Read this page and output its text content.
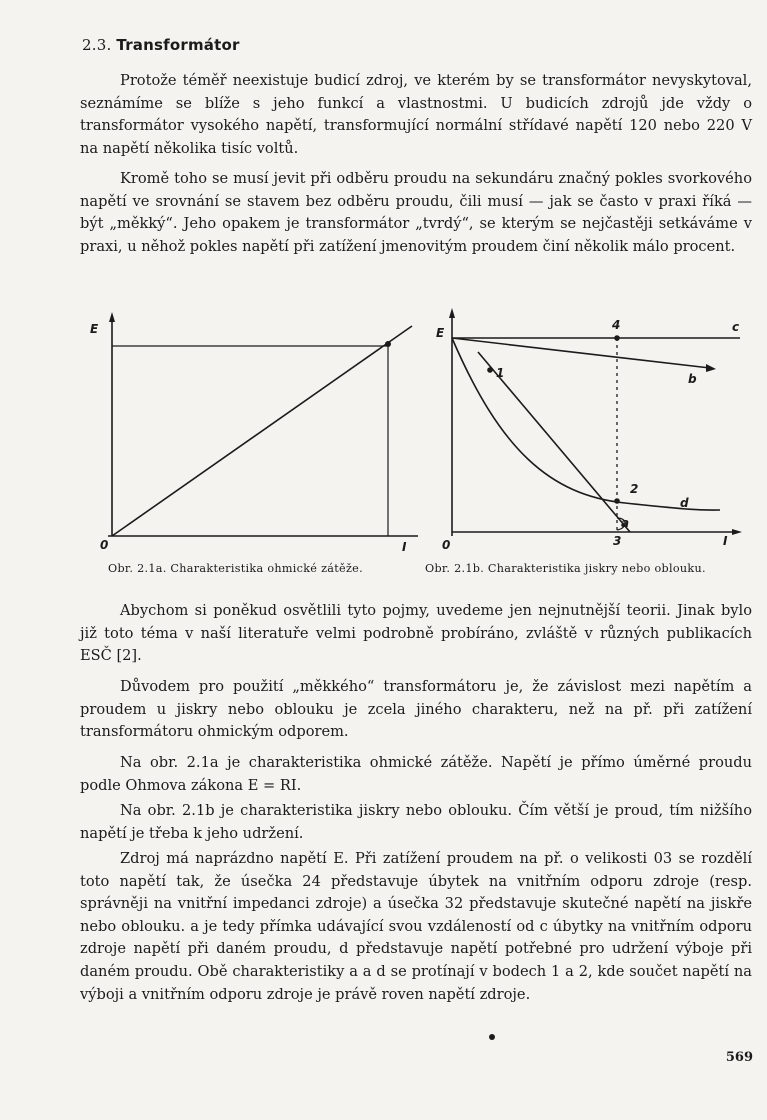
2.3. Transformátor

Protože téměř neexistuje budicí zdroj, ve kterém by se transformátor nevyskytoval, seznámíme se blíže s jeho funkcí a vlastnostmi. U budicích zdrojů jde vždy o transformátor vysokého napětí, transformující normální střídavé napětí 120 nebo 220 V na napětí několika tisíc voltů.

Kromě toho se musí jevit při odběru proudu na sekundáru značný pokles svorkového napětí ve srovnání se stavem bez odběru proudu, čili musí — jak se často v praxi říká — být „měkký“. Jeho opakem je transformátor „tvrdý“, se kterým se nejčastěji setkáváme v praxi, u něhož pokles napětí při zatížení jmenovitým proudem činí několik málo procent.

E
0	I
E
0	I
4
1
2
3
a
b
c
d
Obr. 2.1a. Charakteristika ohmické zátěže.	Obr. 2.1b. Charakteristika jiskry nebo oblouku.

Abychom si poněkud osvětlili tyto pojmy, uvedeme jen nejnutnější teorii. Jinak bylo již toto téma v naší literatuře velmi podrobně probíráno, zvláště v různých publikacích ESČ [2].

Důvodem pro použití „měkkého“ transformátoru je, že závislost mezi napětím a proudem u jiskry nebo oblouku je zcela jiného charakteru, než na př. při zatížení transformátoru ohmickým odporem.

Na obr. 2.1a je charakteristika ohmické zátěže. Napětí je přímo úměrné proudu podle Ohmova zákona E = RI.

Na obr. 2.1b je charakteristika jiskry nebo oblouku. Čím větší je proud, tím nižšího napětí je třeba k jeho udržení.

Zdroj má naprázdno napětí E. Při zatížení proudem na př. o velikosti 03 se rozdělí toto napětí tak, že úsečka 24 představuje úbytek na vnitřním odporu zdroje (resp. správněji na vnitřní impedanci zdroje) a úsečka 32 představuje skutečné napětí na jiskře nebo oblouku. a je tedy přímka udávající svou vzdáleností od c úbytky na vnitřním odporu zdroje napětí při daném proudu, d představuje napětí potřebné pro udržení výboje při daném proudu. Obě charakteristiky a a d se protínají v bodech 1 a 2, kde součet napětí na výboji a vnitřním odporu zdroje je právě roven napětí zdroje.

569
